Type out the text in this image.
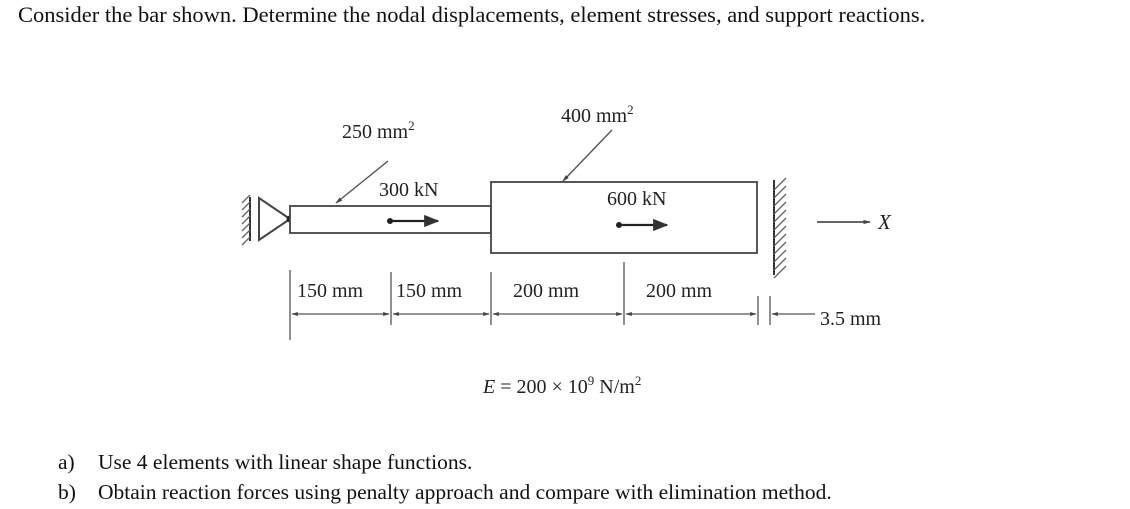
Consider the bar shown. Determine the nodal displacements, element stresses, and support reactions.
250 $mm^2$	400 $mm^2$
300 kN	600 kN
X
150 mm 150 mm	200 mm	200 mm
3.5 mm
$E = 200 \times 10^9$ $N/m^2$
a) Use 4 elements with linear shape functions.
b) Obtain reaction forces using penalty approach and compare with elimination method.
